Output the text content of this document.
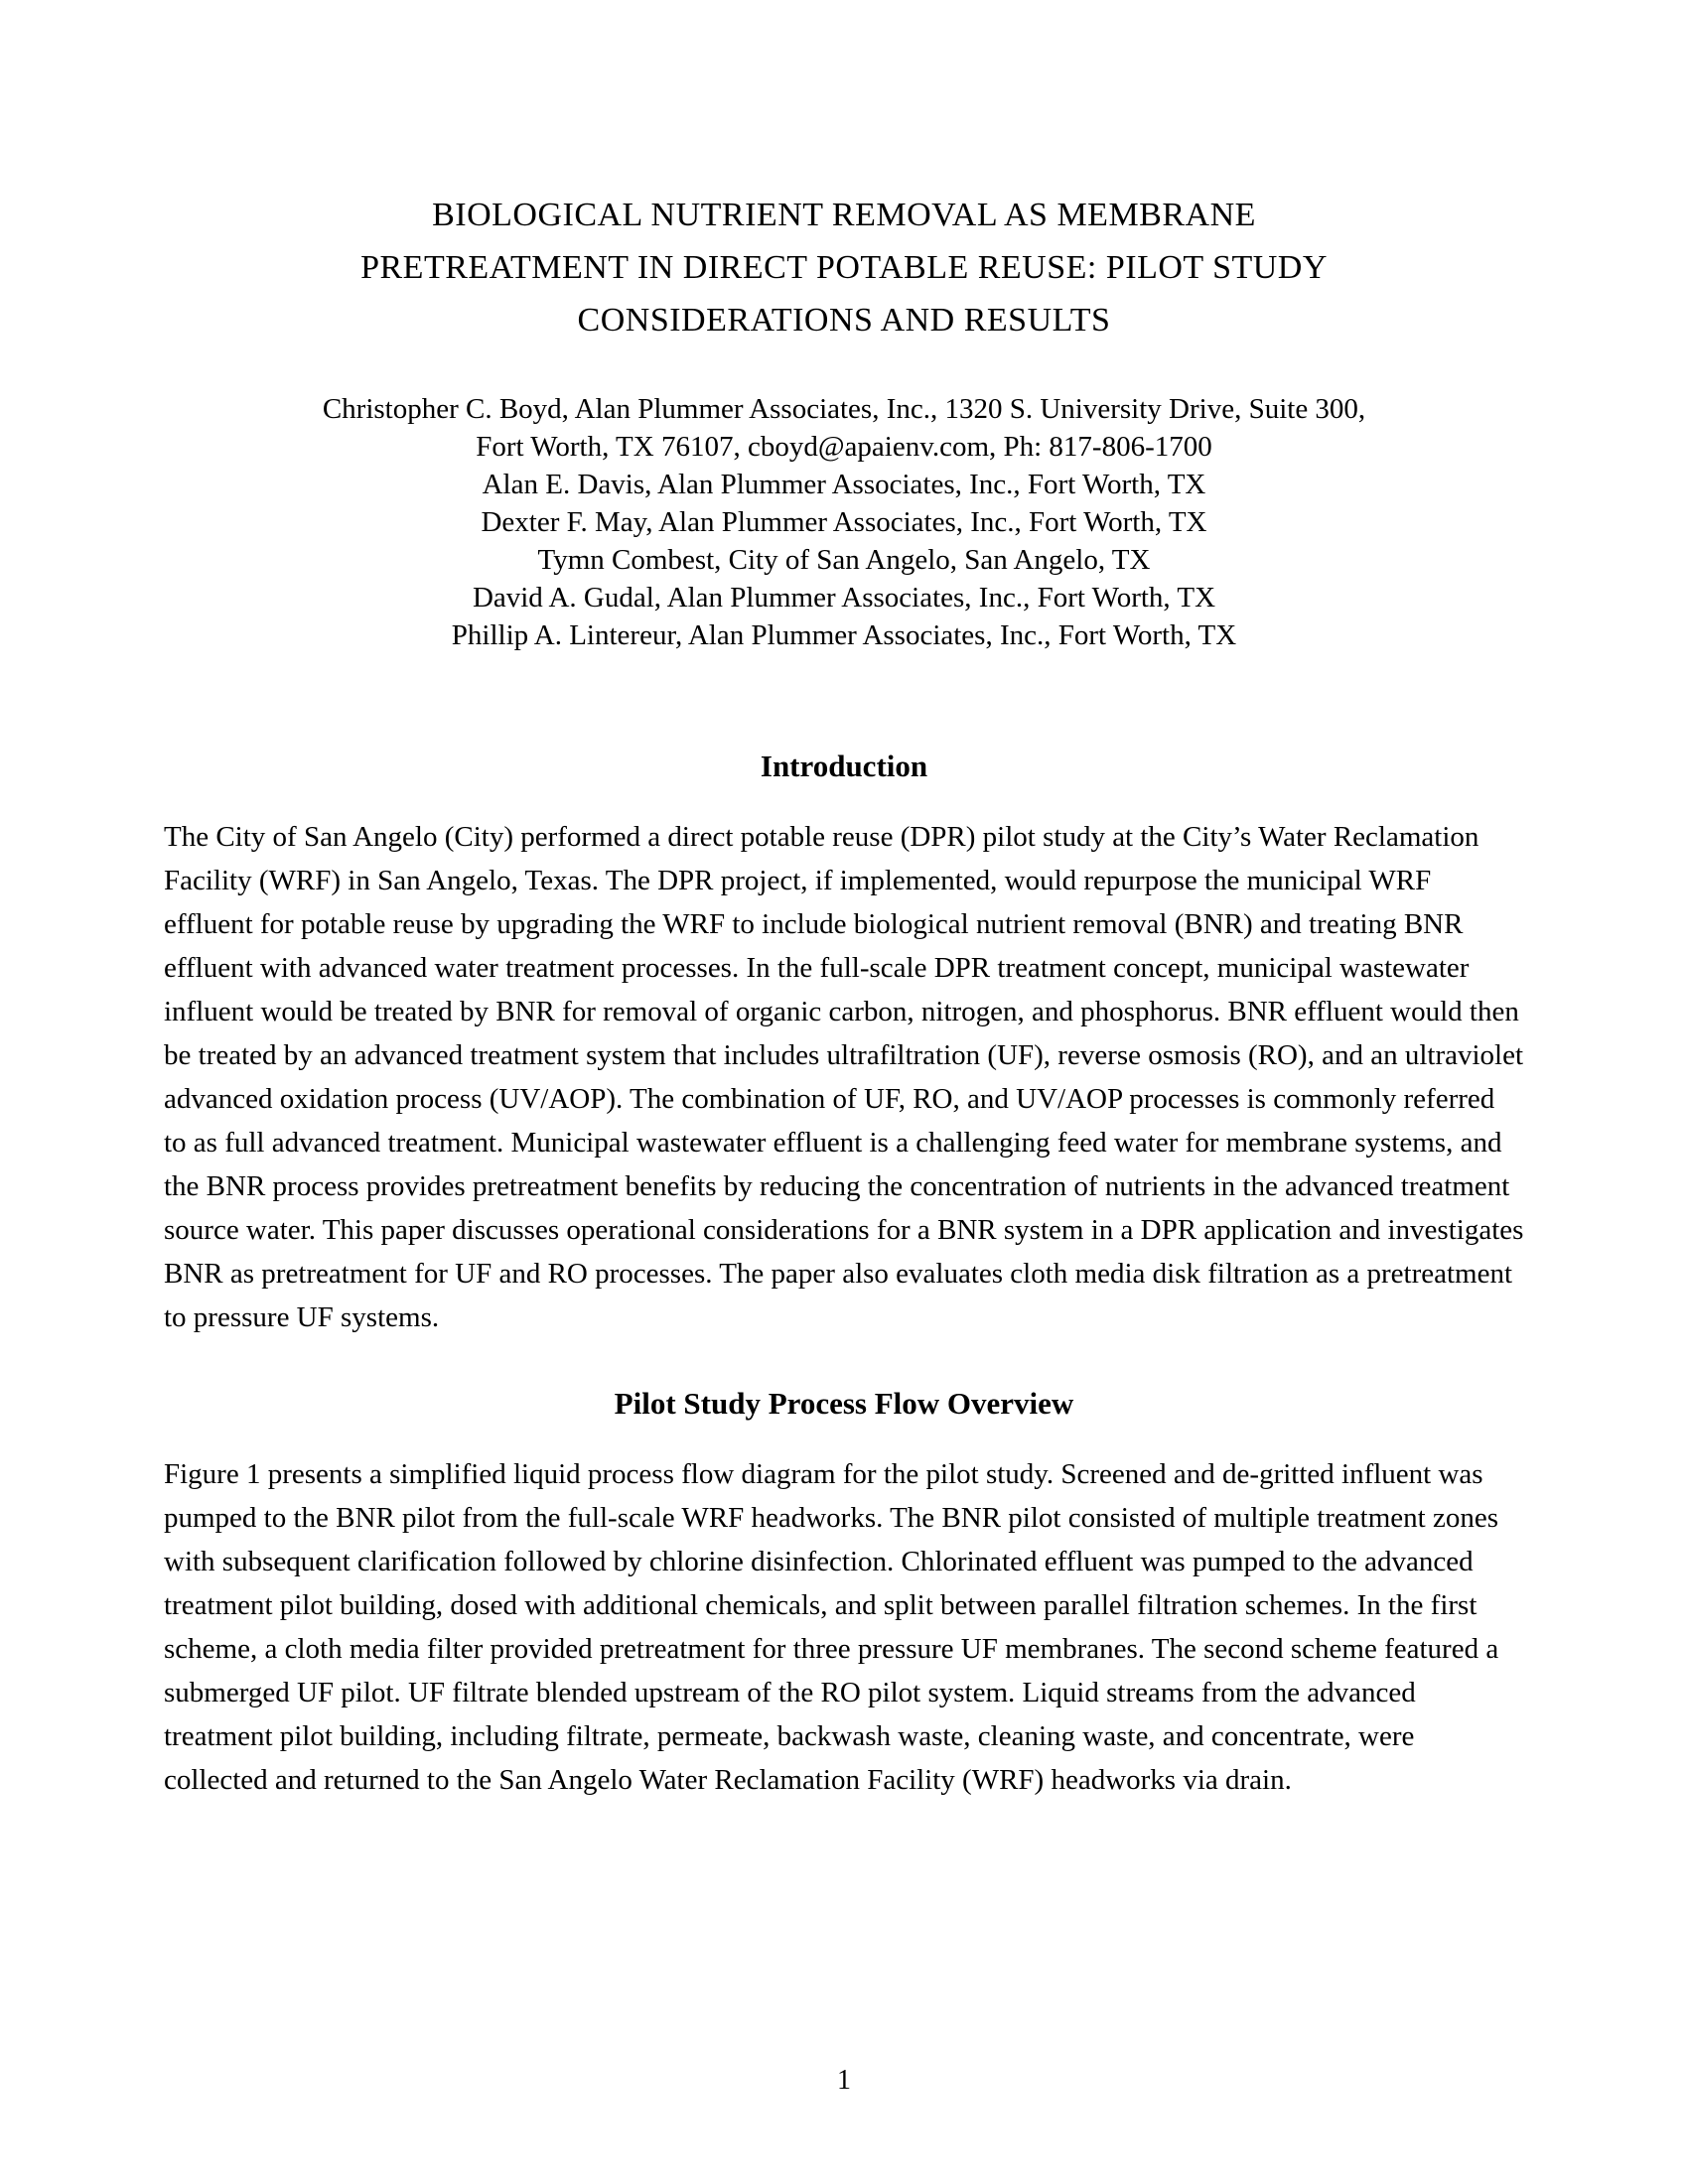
BIOLOGICAL NUTRIENT REMOVAL AS MEMBRANE
PRETREATMENT IN DIRECT POTABLE REUSE: PILOT STUDY
CONSIDERATIONS AND RESULTS
Christopher C. Boyd, Alan Plummer Associates, Inc., 1320 S. University Drive, Suite 300,
Fort Worth, TX 76107, cboyd@apaienv.com, Ph: 817-806-1700
Alan E. Davis, Alan Plummer Associates, Inc., Fort Worth, TX
Dexter F. May, Alan Plummer Associates, Inc., Fort Worth, TX
Tymn Combest, City of San Angelo, San Angelo, TX
David A. Gudal, Alan Plummer Associates, Inc., Fort Worth, TX
Phillip A. Lintereur, Alan Plummer Associates, Inc., Fort Worth, TX
Introduction

The City of San Angelo (City) performed a direct potable reuse (DPR) pilot study at the City’s Water Reclamation Facility (WRF) in San Angelo, Texas. The DPR project, if implemented, would repurpose the municipal WRF effluent for potable reuse by upgrading the WRF to include biological nutrient removal (BNR) and treating BNR effluent with advanced water treatment processes. In the full-scale DPR treatment concept, municipal wastewater influent would be treated by BNR for removal of organic carbon, nitrogen, and phosphorus. BNR effluent would then be treated by an advanced treatment system that includes ultrafiltration (UF), reverse osmosis (RO), and an ultraviolet advanced oxidation process (UV/AOP). The combination of UF, RO, and UV/AOP processes is commonly referred to as full advanced treatment. Municipal wastewater effluent is a challenging feed water for membrane systems, and the BNR process provides pretreatment benefits by reducing the concentration of nutrients in the advanced treatment source water. This paper discusses operational considerations for a BNR system in a DPR application and investigates BNR as pretreatment for UF and RO processes. The paper also evaluates cloth media disk filtration as a pretreatment to pressure UF systems.

Pilot Study Process Flow Overview

Figure 1 presents a simplified liquid process flow diagram for the pilot study. Screened and de-gritted influent was pumped to the BNR pilot from the full-scale WRF headworks. The BNR pilot consisted of multiple treatment zones with subsequent clarification followed by chlorine disinfection. Chlorinated effluent was pumped to the advanced treatment pilot building, dosed with additional chemicals, and split between parallel filtration schemes. In the first scheme, a cloth media filter provided pretreatment for three pressure UF membranes. The second scheme featured a submerged UF pilot. UF filtrate blended upstream of the RO pilot system. Liquid streams from the advanced treatment pilot building, including filtrate, permeate, backwash waste, cleaning waste, and concentrate, were collected and returned to the San Angelo Water Reclamation Facility (WRF) headworks via drain.

1
